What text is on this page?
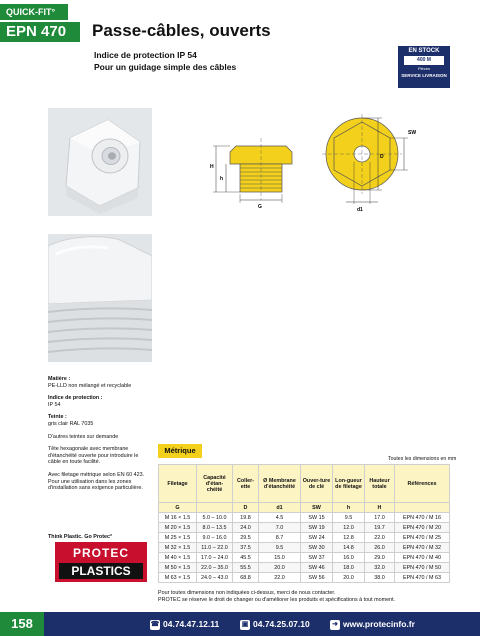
QUICK-FIT°
EPN 470	Passe-câbles, ouverts
Indice de protection IP 54
Pour un guidage simple des câbles
EN STOCK
400 M
Pièces
SERVICE LIVRAISON
H
h
G
SW
D
d1
Matière :
PE-LLD non mélangé et recyclable
Indice de protection :
IP 54
Teinte :
gris clair RAL 7035
D'autres teintes sur demande
Tête hexagonale avec membrane d'étanchéité ouverte pour introduire le câble en toute facilité.
Avec filetage métrique selon EN 60 423.
Pour une utilisation dans les zones d'installation sans exigence particulière.
Think Plastic. Go Protec°
PROTEC
PLASTICS
Métrique
Toutes les dimensions en mm
Filetage	Capacité d'étan-chéité	Coller-ette	Ø Membrane d'étanchéité	Ouver-ture de clé	Lon-gueur de filetage	Hauteur totale	Références
G		D	d1	SW	h	H	
M 16 × 1.5	5.0 – 10.0	19.8	4.5	SW 15	9.5	17.0	EPN 470 / M 16
M 20 × 1.5	8.0 – 13.5	24.0	7.0	SW 19	12.0	19.7	EPN 470 / M 20
M 25 × 1.5	9.0 – 16.0	29.5	8.7	SW 24	12.8	22.0	EPN 470 / M 25
M 32 × 1.5	11.0 – 22.0	37.5	9.5	SW 30	14.8	26.0	EPN 470 / M 32
M 40 × 1.5	17.0 – 24.0	45.5	15.0	SW 37	16.0	29.0	EPN 470 / M 40
M 50 × 1.5	22.0 – 35.0	55.5	20.0	SW 46	18.0	32.0	EPN 470 / M 50
M 63 × 1.5	24.0 – 43.0	68.8	22.0	SW 56	20.0	38.0	EPN 470 / M 63
Pour toutes dimensions non indiquées ci-dessus, merci de nous contacter.
PROTEC se réserve le droit de changer ou d'améliorer les produits et spécifications à tout moment.
158	☎ 04.74.47.12.11	▣ 04.74.25.07.10	➜ www.protecinfo.fr
